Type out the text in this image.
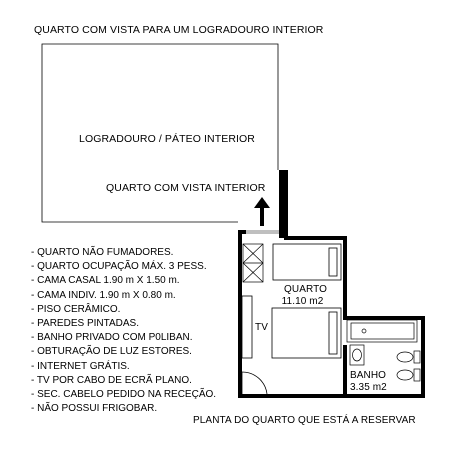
QUARTO COM VISTA PARA UM LOGRADOURO INTERIOR
LOGRADOURO / PÁTEO INTERIOR
QUARTO COM VISTA INTERIOR
- QUARTO NÃO FUMADORES.
- QUARTO OCUPAÇÃO MÁX. 3 PESS.
- CAMA CASAL 1.90 m X 1.50 m.
- CAMA INDIV. 1.90 m X 0.80 m.
- PISO CERÂMICO.
- PAREDES PINTADAS.
- BANHO PRIVADO COM P0LIBAN.
- OBTURAÇÃO DE LUZ ESTORES.
- INTERNET GRÁTIS.
- TV POR CABO DE ECRÃ PLANO.
- SEC. CABELO PEDIDO NA RECEÇÃO.
- NÃO POSSUI FRIGOBAR.
QUARTO
11.10 m2
TV
BANHO
3.35 m2
PLANTA DO QUARTO QUE ESTÁ A RESERVAR
